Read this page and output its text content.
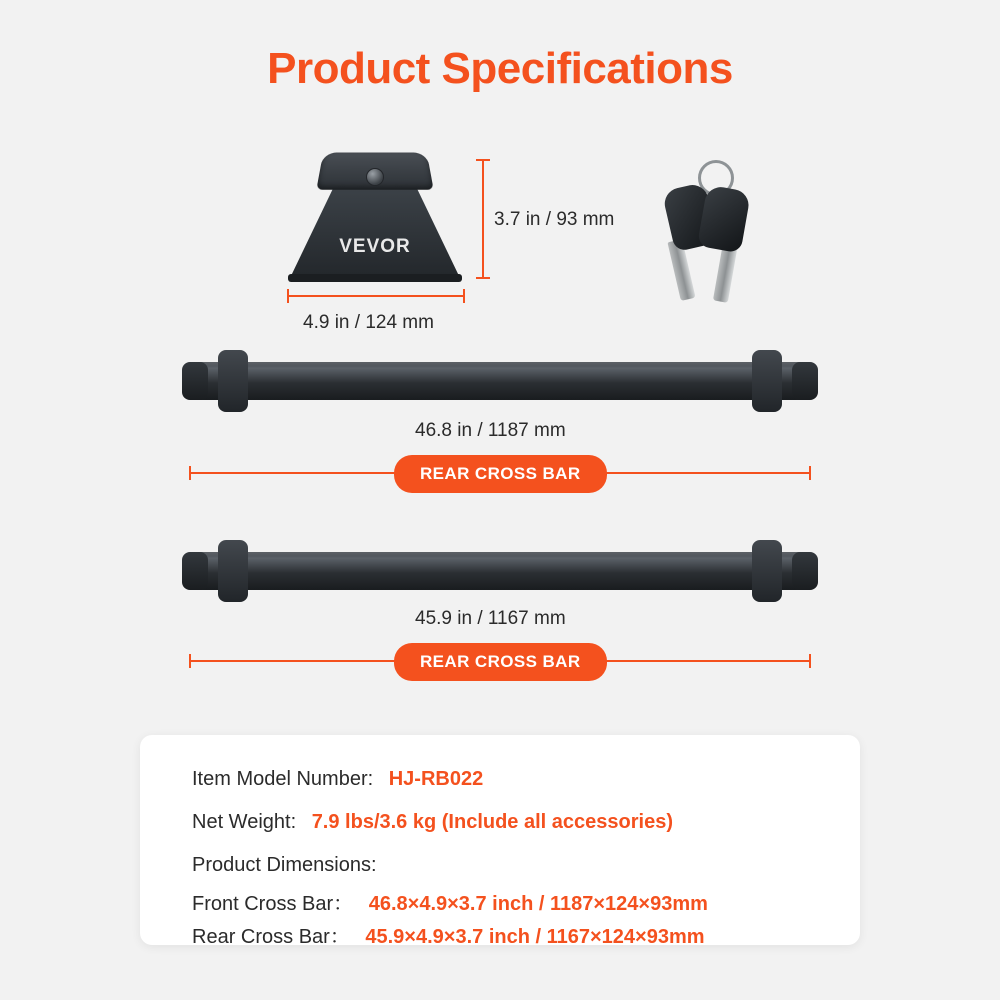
Product Specifications
VEVOR
3.7 in / 93 mm
4.9 in / 124 mm
46.8 in / 1187 mm
REAR CROSS BAR
45.9 in / 1167 mm
REAR CROSS BAR
Item Model Number: HJ-RB022
Net Weight: 7.9 lbs/3.6 kg (Include all accessories)
Product Dimensions:
Front Cross Bar： 46.8×4.9×3.7 inch / 1187×124×93mm
Rear Cross Bar： 45.9×4.9×3.7 inch / 1167×124×93mm
